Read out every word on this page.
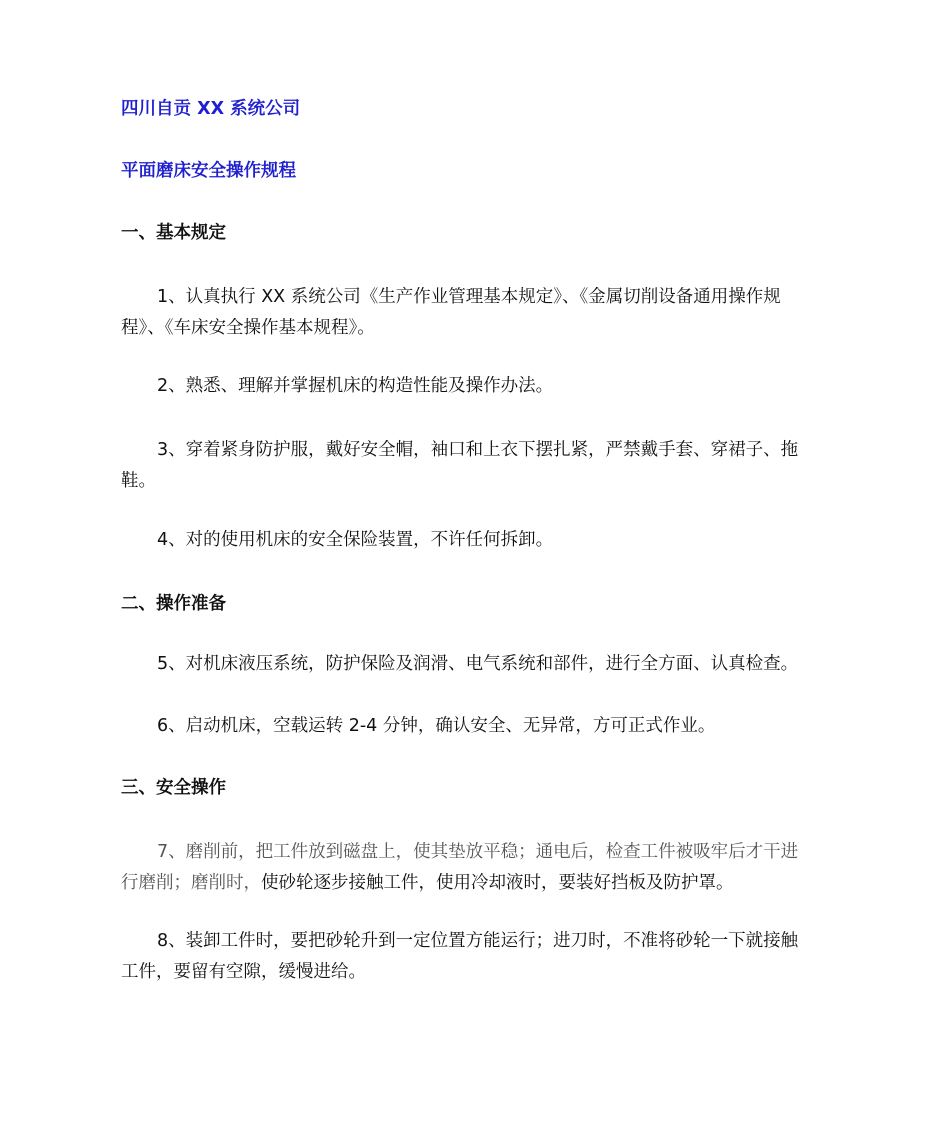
四川自贡 XX 系统公司
平面磨床安全操作规程
一、基本规定
1、认真执行 XX 系统公司《生产作业管理基本规定》、《金属切削设备通用操作规
程》、《车床安全操作基本规程》。
2、熟悉、理解并掌握机床的构造性能及操作办法。
3、穿着紧身防护服，戴好安全帽，袖口和上衣下摆扎紧，严禁戴手套、穿裙子、拖
鞋。
4、对的使用机床的安全保险装置，不许任何拆卸。
二、操作准备
5、对机床液压系统，防护保险及润滑、电气系统和部件，进行全方面、认真检查。
6、启动机床，空载运转 2-4 分钟，确认安全、无异常，方可正式作业。
三、安全操作
7、磨削前，把工件放到磁盘上，使其垫放平稳；通电后，检查工件被吸牢后才干进
行磨削；磨削时，使砂轮逐步接触工件，使用冷却液时，要装好挡板及防护罩。
8、装卸工件时，要把砂轮升到一定位置方能运行；进刀时，不准将砂轮一下就接触
工件，要留有空隙，缓慢进给。
